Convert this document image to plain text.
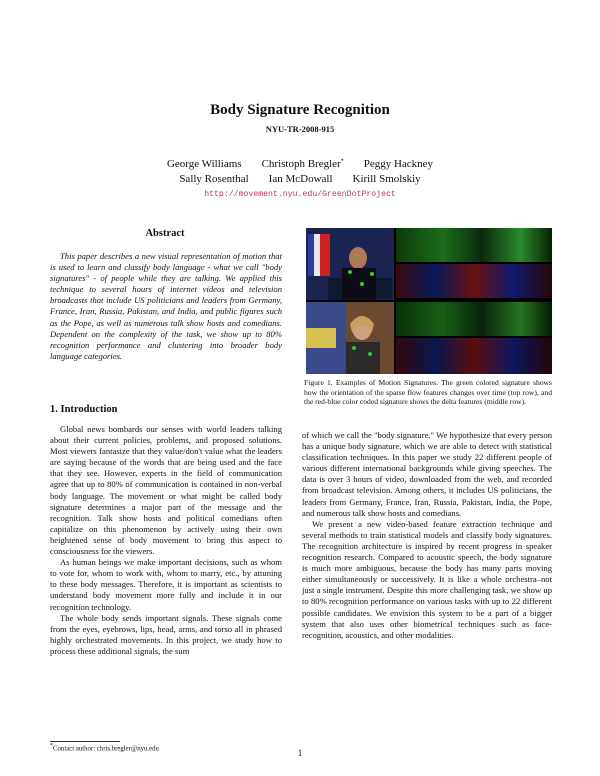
Body Signature Recognition
NYU-TR-2008-915
George Williams Christoph Bregler* Peggy Hackney
Sally Rosenthal Ian McDowall Kirill Smolskiy
http://movement.nyu.edu/GreenDotProject
Abstract
This paper describes a new visual representation of motion that is used to learn and classify body language - what we call "body signatures" - of people while they are talking. We applied this technique to several hours of internet videos and television broadcasts that include US politicians and leaders from Germany, France, Iran, Russia, Pakistan, and India, and public figures such as the Pope, as well as numerous talk show hosts and comedians. Dependent on the complexity of the task, we show up to 80% recognition performance and clustering into broader body language categories.
Figure 1. Examples of Motion Signatures. The green colored signature shows how the orientation of the sparse flow features changes over time (top row), and the red-blue color coded signature shows the delta features (middle row).
1. Introduction

Global news bombards our senses with world leaders talking about their current policies, problems, and proposed solutions. Most viewers fantasize that they value/don't value what the leaders are saying because of the words that are being used and the face that they see. However, experts in the field of communication agree that up to 80% of communication is contained in non-verbal body language. The movement or what might be called body signature determines a major part of the message and the recognition. Talk show hosts and political comedians often capitalize on this phenomenon by actively using their own heightened sense of body movement to bring this aspect to consciousness for the viewers.

As human beings we make important decisions, such as whom to vote for, whom to work with, whom to marry, etc., by attuning to these body messages. Therefore, it is important as scientists to understand body movement more fully and include it in our recognition technology.

The whole body sends important signals. These signals come from the eyes, eyebrows, lips, head, arms, and torso all in phrased highly orchestrated movements. In this project, we study how to process these additional signals, the sum

of which we call the "body signature." We hypothesize that every person has a unique body signature, which we are able to detect with statistical classification techniques. In this paper we study 22 different people of various different international backgrounds while giving speeches. The data is over 3 hours of video, downloaded from the web, and recorded from broadcast television. Among others, it includes US politicians, the leaders from Germany, France, Iran, Russia, Pakistan, India, the Pope, and numerous talk show hosts and comedians.

We present a new video-based feature extraction technique and several methods to train statistical models and classify body signatures. The recognition architecture is inspired by recent progress in speaker recognition research. Compared to acoustic speech, the body signature is much more ambiguous, because the body has many parts moving either simultaneously or successively. It is like a whole orchestra–not just a single instrument. Despite this more challenging task, we show up to 80% recognition performance on various tasks with up to 22 different possible candidates. We envision this system to be a part of a bigger system that also uses other biometrical techniques such as face-recognition, acoustics, and other modalities.

*Contact author: chris.bregler@nyu.edu	1
